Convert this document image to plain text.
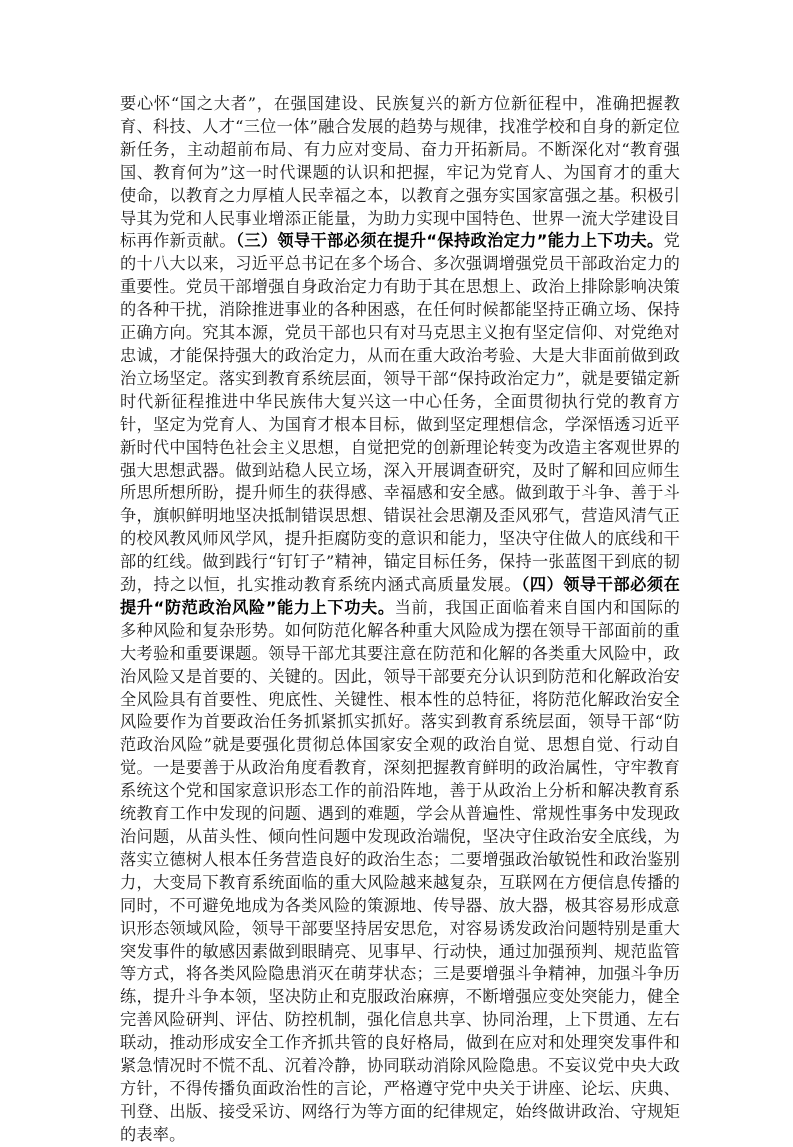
要心怀“国之大者”，在强国建设、民族复兴的新方位新征程中，准确把握教育、科技、人才“三位一体”融合发展的趋势与规律，找准学校和自身的新定位新任务，主动超前布局、有力应对变局、奋力开拓新局。不断深化对“教育强国、教育何为”这一时代课题的认识和把握，牢记为党育人、为国育才的重大使命，以教育之力厚植人民幸福之本，以教育之强夯实国家富强之基。积极引导其为党和人民事业增添正能量，为助力实现中国特色、世界一流大学建设目标再作新贡献。（三）领导干部必须在提升“保持政治定力”能力上下功夫。党的十八大以来，习近平总书记在多个场合、多次强调增强党员干部政治定力的重要性。党员干部增强自身政治定力有助于其在思想上、政治上排除影响决策的各种干扰，消除推进事业的各种困惑，在任何时候都能坚持正确立场、保持正确方向。究其本源，党员干部也只有对马克思主义抱有坚定信仰、对党绝对忠诚，才能保持强大的政治定力，从而在重大政治考验、大是大非面前做到政治立场坚定。落实到教育系统层面，领导干部“保持政治定力”，就是要锚定新时代新征程推进中华民族伟大复兴这一中心任务，全面贯彻执行党的教育方针，坚定为党育人、为国育才根本目标，做到坚定理想信念，学深悟透习近平新时代中国特色社会主义思想，自觉把党的创新理论转变为改造主客观世界的强大思想武器。做到站稳人民立场，深入开展调查研究，及时了解和回应师生所思所想所盼，提升师生的获得感、幸福感和安全感。做到敢于斗争、善于斗争，旗帜鲜明地坚决抵制错误思想、错误社会思潮及歪风邪气，营造风清气正的校风教风师风学风，提升拒腐防变的意识和能力，坚决守住做人的底线和干部的红线。做到践行“钉钉子”精神，锚定目标任务，保持一张蓝图干到底的韧劲，持之以恒，扎实推动教育系统内涵式高质量发展。（四）领导干部必须在提升“防范政治风险”能力上下功夫。当前，我国正面临着来自国内和国际的多种风险和复杂形势。如何防范化解各种重大风险成为摆在领导干部面前的重大考验和重要课题。领导干部尤其要注意在防范和化解的各类重大风险中，政治风险又是首要的、关键的。因此，领导干部要充分认识到防范和化解政治安全风险具有首要性、兜底性、关键性、根本性的总特征，将防范化解政治安全风险要作为首要政治任务抓紧抓实抓好。落实到教育系统层面，领导干部“防范政治风险”就是要强化贯彻总体国家安全观的政治自觉、思想自觉、行动自觉。一是要善于从政治角度看教育，深刻把握教育鲜明的政治属性，守牢教育系统这个党和国家意识形态工作的前沿阵地，善于从政治上分析和解决教育系统教育工作中发现的问题、遇到的难题，学会从普遍性、常规性事务中发现政治问题，从苗头性、倾向性问题中发现政治端倪，坚决守住政治安全底线，为落实立德树人根本任务营造良好的政治生态；二要增强政治敏锐性和政治鉴别力，大变局下教育系统面临的重大风险越来越复杂，互联网在方便信息传播的同时，不可避免地成为各类风险的策源地、传导器、放大器，极其容易形成意识形态领域风险，领导干部要坚持居安思危，对容易诱发政治问题特别是重大突发事件的敏感因素做到眼睛亮、见事早、行动快，通过加强预判、规范监管等方式，将各类风险隐患消灭在萌芽状态；三是要增强斗争精神，加强斗争历练，提升斗争本领，坚决防止和克服政治麻痹，不断增强应变处突能力，健全完善风险研判、评估、防控机制，强化信息共享、协同治理，上下贯通、左右联动，推动形成安全工作齐抓共管的良好格局，做到在应对和处理突发事件和紧急情况时不慌不乱、沉着冷静，协同联动消除风险隐患。不妄议党中央大政方针，不得传播负面政治性的言论，严格遵守党中央关于讲座、论坛、庆典、刊登、出版、接受采访、网络行为等方面的纪律规定，始终做讲政治、守规矩的表率。
